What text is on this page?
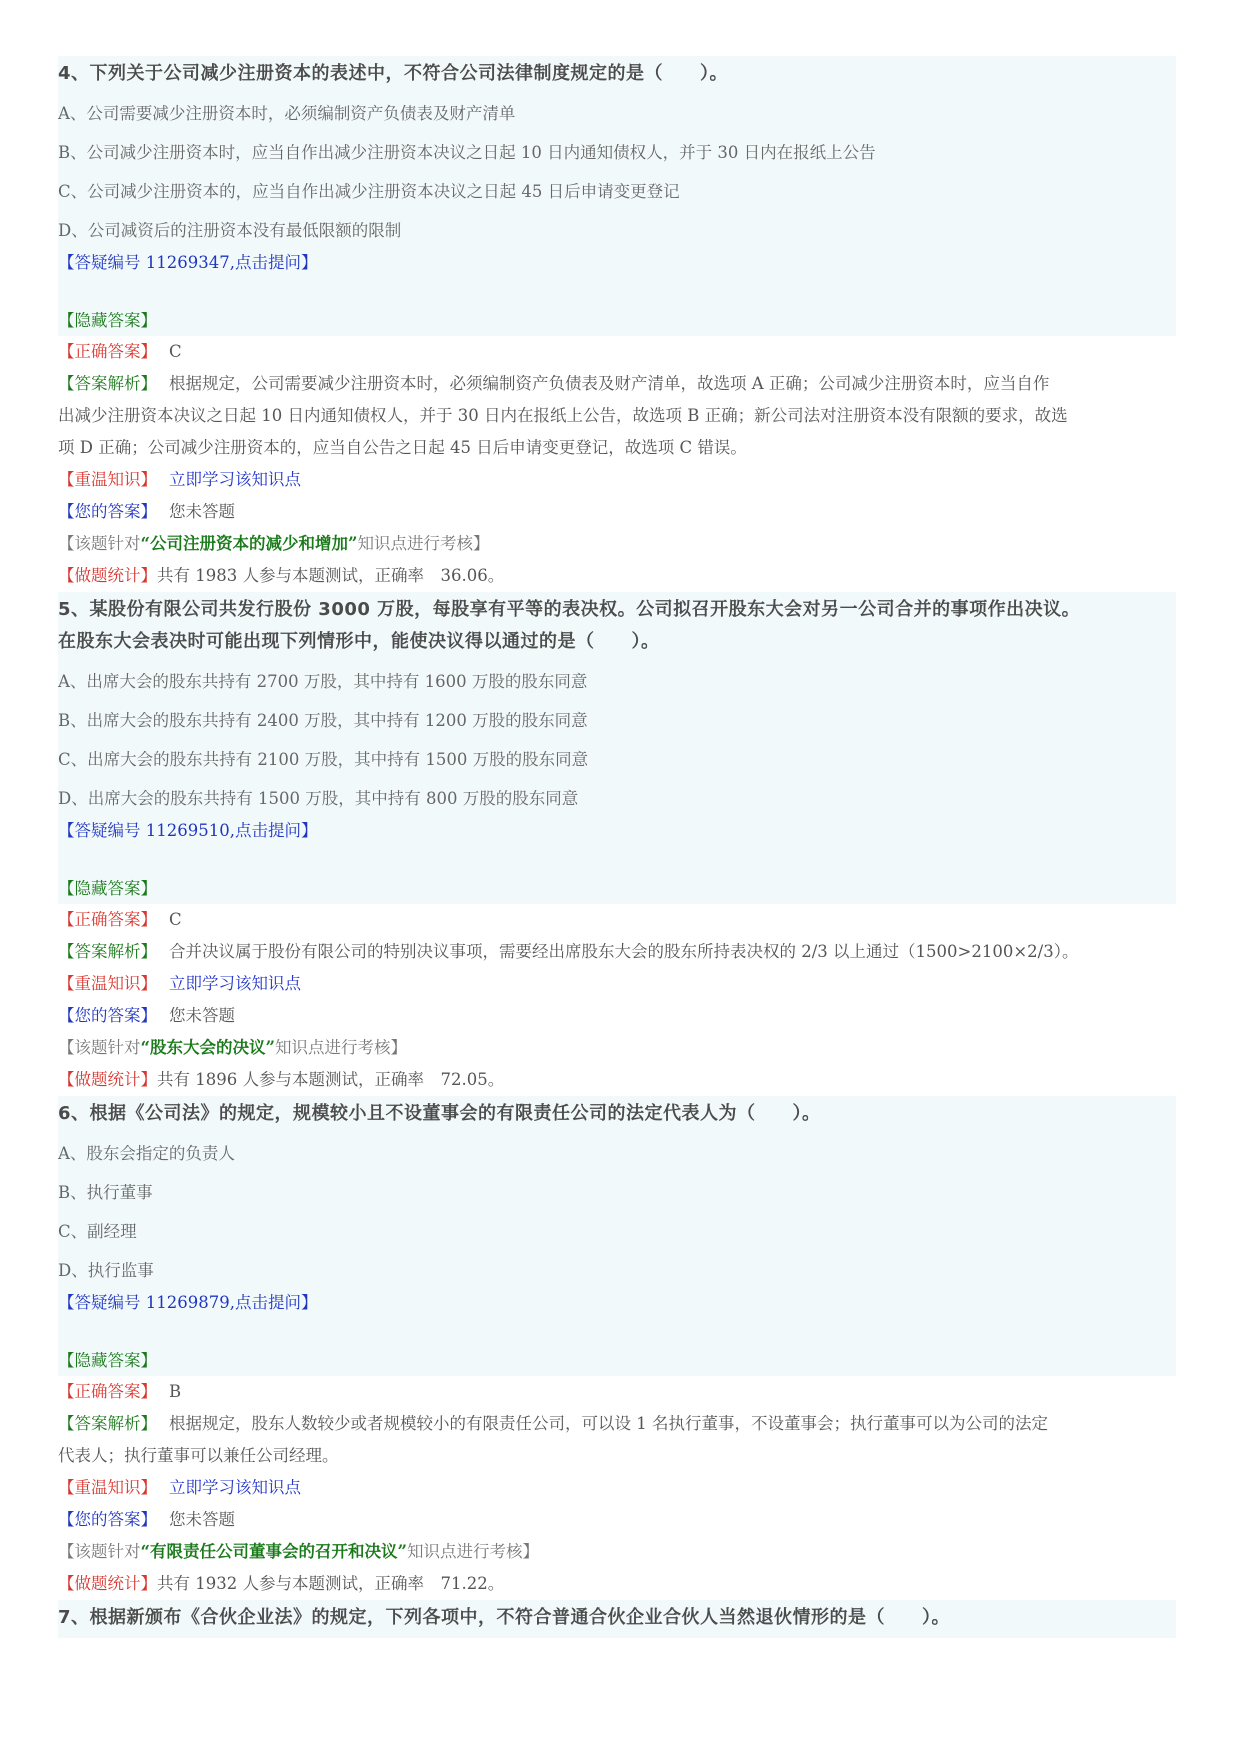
4、下列关于公司减少注册资本的表述中，不符合公司法律制度规定的是（　　）。
A、公司需要减少注册资本时，必须编制资产负债表及财产清单
B、公司减少注册资本时，应当自作出减少注册资本决议之日起 10 日内通知债权人，并于 30 日内在报纸上公告
C、公司减少注册资本的，应当自作出减少注册资本决议之日起 45 日后申请变更登记
D、公司减资后的注册资本没有最低限额的限制
【答疑编号 11269347,点击提问】
【隐藏答案】
【正确答案】 C
【答案解析】 根据规定，公司需要减少注册资本时，必须编制资产负债表及财产清单，故选项 A 正确；公司减少注册资本时，应当自作
出减少注册资本决议之日起 10 日内通知债权人，并于 30 日内在报纸上公告，故选项 B 正确；新公司法对注册资本没有限额的要求，故选
项 D 正确；公司减少注册资本的，应当自公告之日起 45 日后申请变更登记，故选项 C 错误。
【重温知识】 立即学习该知识点
【您的答案】 您未答题
【该题针对“公司注册资本的减少和增加”知识点进行考核】
【做题统计】共有 1983 人参与本题测试，正确率　36.06。
5、某股份有限公司共发行股份 3000 万股，每股享有平等的表决权。公司拟召开股东大会对另一公司合并的事项作出决议。
在股东大会表决时可能出现下列情形中，能使决议得以通过的是（　　）。
A、出席大会的股东共持有 2700 万股，其中持有 1600 万股的股东同意
B、出席大会的股东共持有 2400 万股，其中持有 1200 万股的股东同意
C、出席大会的股东共持有 2100 万股，其中持有 1500 万股的股东同意
D、出席大会的股东共持有 1500 万股，其中持有 800 万股的股东同意
【答疑编号 11269510,点击提问】
【隐藏答案】
【正确答案】 C
【答案解析】 合并决议属于股份有限公司的特别决议事项，需要经出席股东大会的股东所持表决权的 2/3 以上通过（1500>2100×2/3）。
【重温知识】 立即学习该知识点
【您的答案】 您未答题
【该题针对“股东大会的决议”知识点进行考核】
【做题统计】共有 1896 人参与本题测试，正确率　72.05。
6、根据《公司法》的规定，规模较小且不设董事会的有限责任公司的法定代表人为（　　）。
A、股东会指定的负责人
B、执行董事
C、副经理
D、执行监事
【答疑编号 11269879,点击提问】
【隐藏答案】
【正确答案】 B
【答案解析】 根据规定，股东人数较少或者规模较小的有限责任公司，可以设 1 名执行董事，不设董事会；执行董事可以为公司的法定
代表人；执行董事可以兼任公司经理。
【重温知识】 立即学习该知识点
【您的答案】 您未答题
【该题针对“有限责任公司董事会的召开和决议”知识点进行考核】
【做题统计】共有 1932 人参与本题测试，正确率　71.22。
7、根据新颁布《合伙企业法》的规定，下列各项中，不符合普通合伙企业合伙人当然退伙情形的是（　　）。
